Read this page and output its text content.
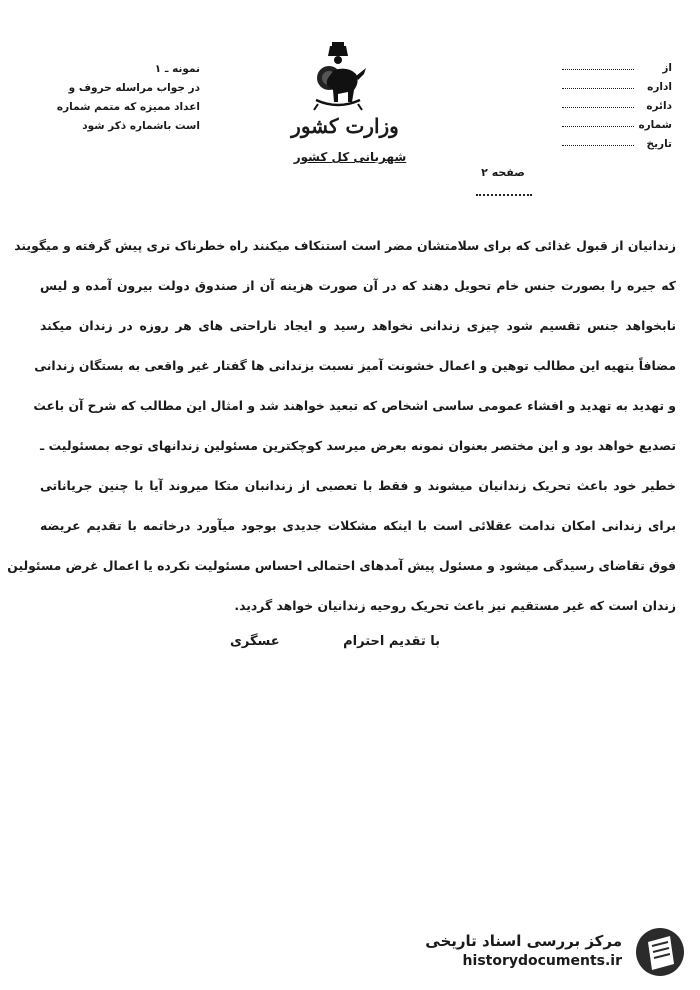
نمونه ـ ۱
در جواب مراسله حروف و
اعداد ممیزه که متمم شماره
است باشماره ذکر شود	وزارت کشور
شهربانی کل کشور
از
اداره
دائره
شماره
تاریخ
صفحه ۲
زندانیان از قبول غذائی که برای سلامتشان مضر است استنکاف میکنند راه خطرناک تری پیش گرفته و میگویند
که جیره را بصورت جنس خام تحویل دهند که در آن صورت هزینه آن از صندوق دولت بیرون آمده و لیس
نابخواهد جنس تقسیم شود چیزی زندانی نخواهد رسید و ایجاد ناراحتی های هر روزه در زندان میکند
مضافاً بتهیه این مطالب توهین و اعمال خشونت آمیز نسبت بزندانی ها گفتار غیر واقعی به بستگان زندانی
و تهدید به تهدید و افشاء عمومی ساسی اشخاص که تبعید خواهند شد و امثال این مطالب که شرح آن باعث
تصدیع خواهد بود و این مختصر بعنوان نمونه بعرض میرسد کوچکترین مسئولین زندانهای توجه بمسئولیت ـ
خطیر خود باعث تحریک زندانیان میشوند و فقط با تعصبی از زندانبان متکا میروند آیا با چنین جریاناتی
برای زندانی امکان ندامت عقلائی است با اینکه مشکلات جدیدی بوجود میآورد درخاتمه با تقدیم عریضه
فوق تقاضای رسیدگی میشود و مسئول پیش آمدهای احتمالی احساس مسئولیت نکرده یا اعمال غرض مسئولین
زندان است که غیر مستقیم نیز باعث تحریک روحیه زندانیان خواهد گردید.
با تقدیم احترام
عسگری
مرکز بررسی اسناد تاریخی
historydocuments.ir
